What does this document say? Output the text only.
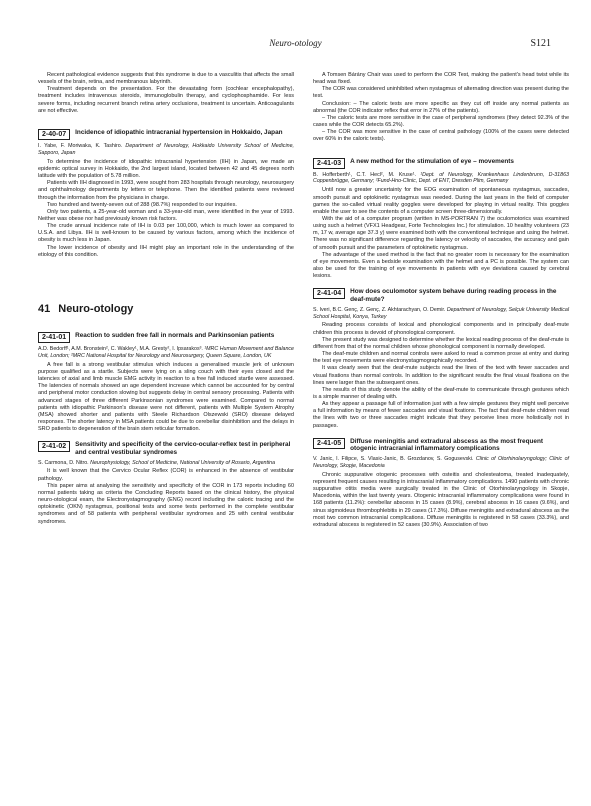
Neuro-otology	S121

Recent pathological evidence suggests that this syndrome is due to a vasculitis that affects the small vessels of the brain, retina, and membranous labyrinth.

Treatment depends on the presentation. For the devastating form (cochlear encephalopathy), treatment includes intravenous steroids, immunoglobulin therapy, and cyclophosphamide. For less severe forms, including recurrent branch retina artery occlusions, treatment is uncertain. Anticoagulants are not effective.

2-40-07	Incidence of idiopathic intracranial hypertension in Hokkaido, Japan

I. Yabe, F. Moriwaka, K. Tashiro. Department of Neurology, Hokkaido University School of Medicine, Sapporo, Japan

To determine the incidence of idiopathic intracranial hypertension (IIH) in Japan, we made an epidemic optical survey in Hokkaido, the 2nd largest island, located between 42 and 45 degrees north latitude with the population of 5.78 million.

Patients with IIH diagnosed in 1993, were sought from 283 hospitals through neurology, neurosurgery and ophthalmology departments by letters or telephone. Then the identified patients were reviewed through the information from the physicians in charge.

Two hundred and twenty-seven out of 288 (98.7%) responded to our inquiries.

Only two patients, a 25-year-old woman and a 33-year-old man, were identified in the year of 1993. Neither was obese nor had previously known risk factors.

The crude annual incidence rate of IIH is 0.03 per 100,000, which is much lower as compared to U.S.A. and Libya. IIH is well-known to be caused by various factors, among which the incidence of obesity is much less in Japan.

The lower incidence of obesity and IIH might play an important role in the understanding of the etiology of this condition.

41 Neuro-otology
2-41-01	Reaction to sudden free fall in normals and Parkinsonian patients

A.D. Bedorff¹, A.M. Bronstein², C. Wakley¹, M.A. Gresty², I. Ipsarakos³. ¹MRC Human Movement and Balance Unit, London; ²MRC National Hospital for Neurology and Neurosurgery, Queen Square, London, UK

A free fall is a strong vestibular stimulus which induces a generalised muscle jerk of unknown purpose qualified as a startle. Subjects were lying on a sling couch with their eyes closed and the latencies of axial and limb muscle EMG activity in reaction to a free fall induced startle were assessed. The latencies of normals showed an age dependent increase which cannot be accounted for by central and peripheral motor conduction slowing but suggests delay in central sensory processing. Patients with advanced stages of three different Parkinsonian syndromes were examined. Compared to normal patients with idiopathic Parkinson's disease were not different, patients with Multiple System Atrophy (MSA) showed shorter and patients with Steele Richardson Olszewski (SRO) disease delayed responses. The shorter latency in MSA patients could be due to cerebellar disinhibition and the delays in SRO patients to degeneration of the brain stem reticular formation.

2-41-02	Sensitivity and specificity of the cervico-ocular-reflex test in peripheral and central vestibular syndromes

S. Carmona, D. Nitro. Neurophysiology, School of Medicine, National University of Rosario, Argentina

It is well known that the Cervico Ocular Reflex (COR) is enhanced in the absence of vestibular pathology.

This paper aims at analysing the sensitivity and specificity of the COR in 173 reports including 60 normal patients taking as criteria the Concluding Reports based on the clinical history, the physical neuro-otological exam, the Electronystagmography (ENG) record including the caloric tracing and the optokinetic (OKN) nystagmus, positional tests and some tests performed in the complete vestibular syndromes and of 58 patients with peripheral vestibular syndromes and 25 with central vestibular syndromes.

A Tomsen Bárány Chair was used to perform the COR Test, making the patient's head twist while its head was fixed.

The COR was considered uninhibited when nystagmus of alternating direction was present during the test.

Conclusion: – The caloric tests are more specific as they cut off inside any normal patients as abnormal (the COR indicator reflex that error in 27% of the patients).

– The caloric tests are more sensitive in the case of peripheral syndromes (they detect 92.3% of the cases while the COR detects 65.2%).

– The COR was more sensitive in the case of central pathology (100% of the cases were detected over 60% in the caloric tests).

2-41-03	A new method for the stimulation of eye – movements

B. Hofferberth¹, C.T. Hecl², M. Kruse¹. ¹Dept. of Neurology, Krankenhaus Lindenbrunn, D-31863 Coppenbrügge, Germany; ²Fund-Hno-Clinic, Dept. of ENT, Dresden Plim, Germany

Until now a greater uncertainty for the EOG examination of spontaneous nystagmus, saccades, smooth pursuit and optokinetic nystagmus was needed. During the last years in the field of computer games the so-called virtual reality goggles were developed for playing in virtual reality. This goggles enable the user to see the contents of a computer screen three-dimensionally.

With the aid of a computer program (written in MS-PORTRAN 7) the oculomotorics was examined using such a helmet (VFX1 Headgear, Forte Technologies Inc.) for stimulation. 10 healthy volunteers (23 m, 17 w, average age 37.3 y) were examined both with the conventional technique and using the helmet. There was no significant difference regarding the latency or velocity of saccades, the accuracy and gain of smooth pursuit and the parameters of optokinetic nystagmus.

The advantage of the used method is the fact that no greater room is necessary for the examination of eye movements. Even a bedside examination with the helmet and a PC is possible. The system can also be used for the training of eye movements in patients with eye deviations caused by cerebral lesions.

2-41-04	How does oculomotor system behave during reading process in the deaf-mute?

S. Iveri, B.C. Genç, Z. Genç, Z. Akhtarachyan, O. Demir. Department of Neurology, Selçuk University Medical School Hospital, Konya, Turkey

Reading process consists of lexical and phonological components and in principally deaf-mute children this process is devoid of phonological component.

The present study was designed to determine whether the lexical reading process of the deaf-mute is different from that of the normal children whose phonological component is normally developed.

The deaf-mute children and normal controls were asked to read a common prose at entry and during the test eye movements were electronystagmographically recorded.

It was clearly seen that the deaf-mute subjects read the lines of the text with fewer saccades and visual fixations than normal controls. In addition to the significant results the final visual fixations on the lines were larger than the subsequent ones.

The results of this study denote the ability of the deaf-mute to communicate through gestures which is a simple manner of dealing with.

As they appear a passage full of information just with a few simple gestures they might well perceive a full information by means of fewer saccades and visual fixations. The fact that deaf-mute children read the lines with two or three saccades might indicate that they perceive lines more holistically not in passages.

2-41-05	Diffuse meningitis and extradural abscess as the most frequent otogenic intracranial inflammatory complications

V. Janic, I. Filipce, S. Vlasic-Janic, B. Grozdanov, S. Gogusevski. Clinic of Otorhinolaryngology; Clinic of Neurology, Skopje, Macedonia

Chronic suppurative otogenic processes with osteitis and cholesteatoma, treated inadequately, represent frequent causes resulting in intracranial inflammatory complications. 1490 patients with chronic suppurative otitis media were surgically treated in the Clinic of Otorhinolaryngology in Skopje, Macedonia, within the last twenty years. Otogenic intracranial inflammatory complications were found in 168 patients (11.2%): cerebellar abscess in 15 cases (8.9%), cerebral abscess in 16 cases (9.6%), and sinus sigmoideus thrombophlebitis in 29 cases (17.3%). Diffuse meningitis and extradural abscess as the most two common intracranial complications. Diffuse meningitis is registered in 58 cases (33.3%), and extradural abscess is registered in 52 cases (30.9%). Association of two
